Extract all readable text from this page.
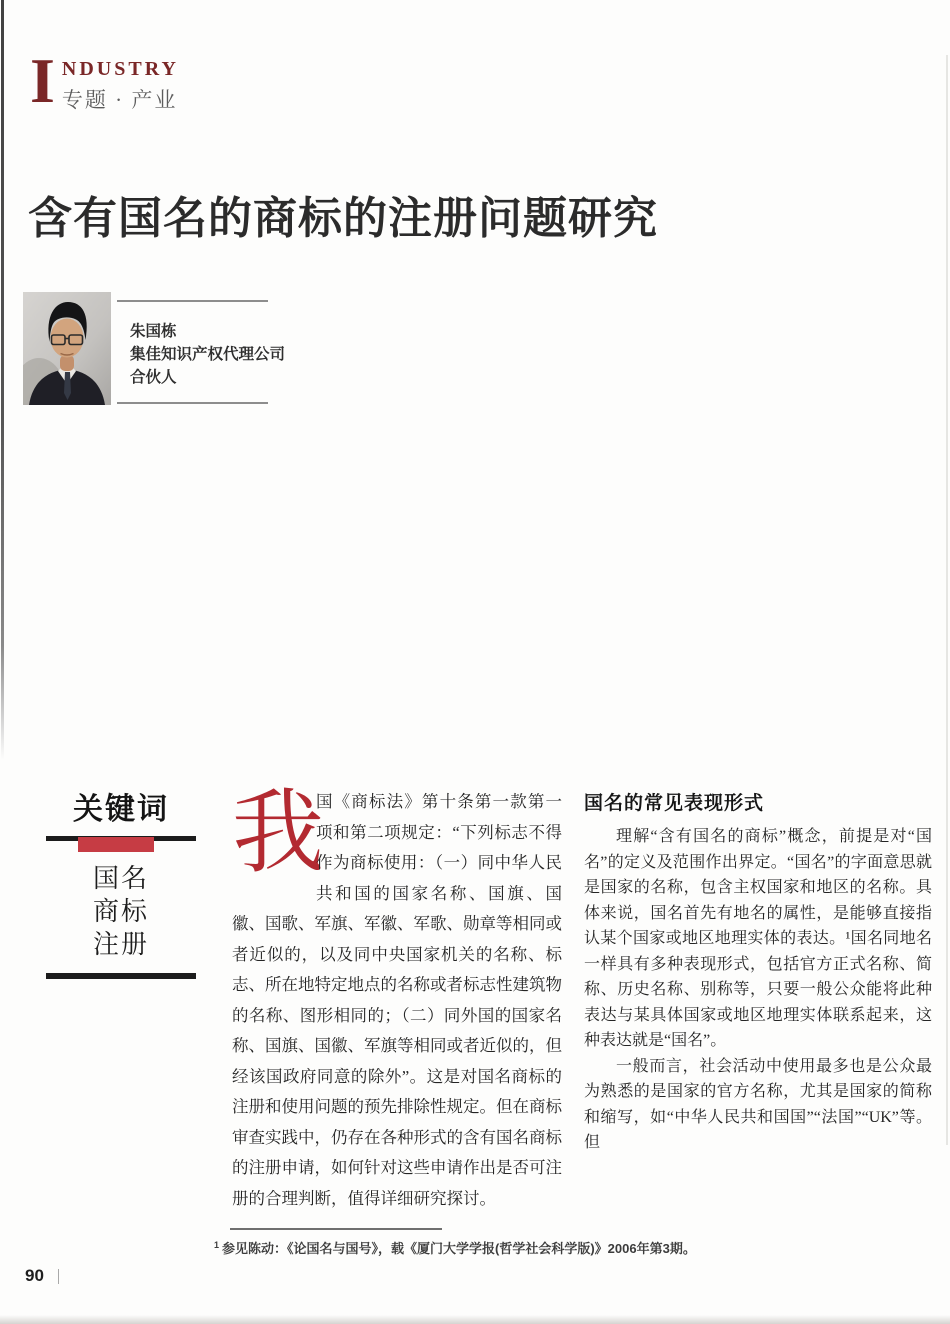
I NDUSTRY
专题 · 产业
含有国名的商标的注册问题研究
朱国栋
集佳知识产权代理公司
合伙人
关键词
国名
商标
注册

我
国《商标法》第十条第一款第一项和第二项规定：“下列标志不得作为商标使用：（一）同中华人民共和国的国家名称、国旗、国徽、国歌、军旗、军徽、军歌、勋章等相同或者近似的，以及同中央国家机关的名称、标志、所在地特定地点的名称或者标志性建筑物的名称、图形相同的；（二）同外国的国家名称、国旗、国徽、军旗等相同或者近似的，但经该国政府同意的除外”。这是对国名商标的注册和使用问题的预先排除性规定。但在商标审查实践中，仍存在各种形式的含有国名商标的注册申请，如何针对这些申请作出是否可注册的合理判断，值得详细研究探讨。

国名的常见表现形式

理解“含有国名的商标”概念，前提是对“国名”的定义及范围作出界定。“国名”的字面意思就是国家的名称，包含主权国家和地区的名称。具体来说，国名首先有地名的属性，是能够直接指认某个国家或地区地理实体的表达。¹国名同地名一样具有多种表现形式，包括官方正式名称、简称、历史名称、别称等，只要一般公众能将此种表达与某具体国家或地区地理实体联系起来，这种表达就是“国名”。

一般而言，社会活动中使用最多也是公众最为熟悉的是国家的官方名称，尤其是国家的简称和缩写，如“中华人民共和国国”“法国”“UK”等。但

$^1$ 参见陈动：《论国名与国号》，载《厦门大学学报(哲学社会科学版)》2006年第3期。
90
